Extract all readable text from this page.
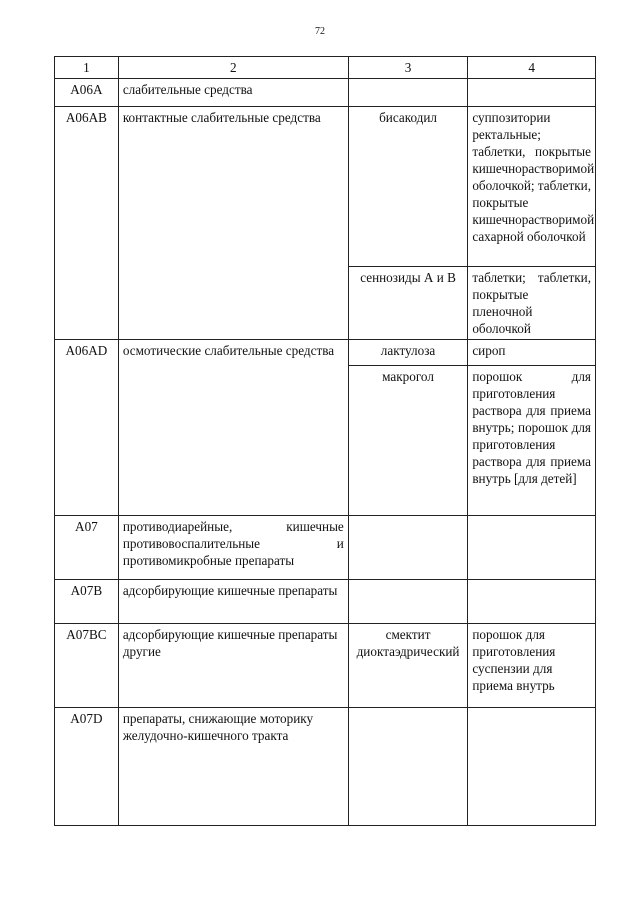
72
1	2	3	4
А06А	слабительные средства		
А06АВ	контактные слабительные средства	бисакодил	суппозитории ректальные; таблетки, покрытые кишечнорастворимой оболочкой; таблетки, покрытые кишечнорастворимой сахарной оболочкой
		сеннозиды А и В	таблетки; таблетки, покрытые пленочной оболочкой
А06АD	осмотические слабительные средства	лактулоза	сироп
		макрогол	порошок для приготовления раствора для приема внутрь; порошок для приготовления раствора для приема внутрь [для детей]
А07	противодиарейные, кишечные противовоспалительные и противомикробные препараты		
А07В	адсорбирующие кишечные препараты		
А07ВС	адсорбирующие кишечные препараты другие	смектит диоктаэдрический	порошок для приготовления суспензии для приема внутрь
А07D	препараты, снижающие моторику желудочно-кишечного тракта		
